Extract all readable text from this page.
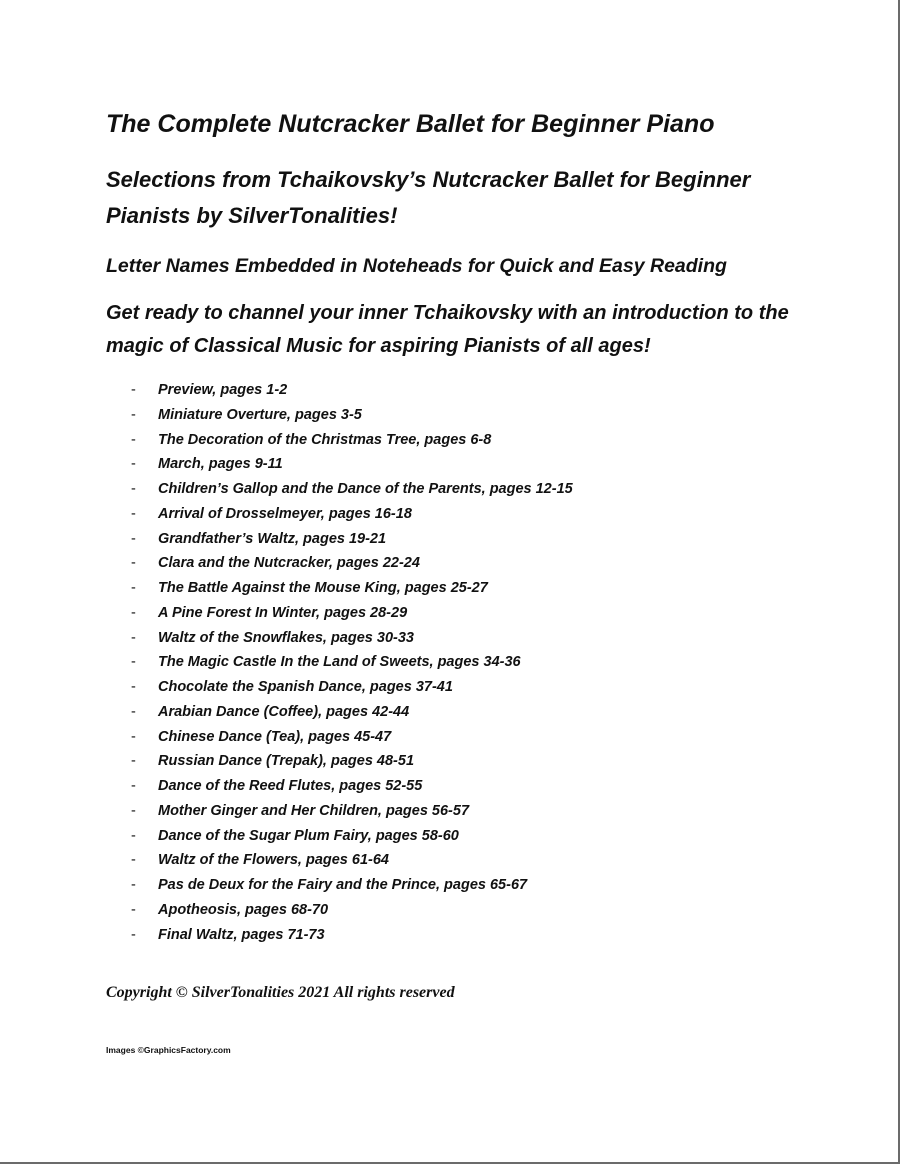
The Complete Nutcracker Ballet for Beginner Piano
Selections from Tchaikovsky’s Nutcracker Ballet for Beginner Pianists by SilverTonalities!

Letter Names Embedded in Noteheads for Quick and Easy Reading

Get ready to channel your inner Tchaikovsky with an introduction to the magic of Classical Music for aspiring Pianists of all ages!

- Preview, pages 1-2
- Miniature Overture, pages 3-5
- The Decoration of the Christmas Tree, pages 6-8
- March, pages 9-11
- Children’s Gallop and the Dance of the Parents, pages 12-15
- Arrival of Drosselmeyer, pages 16-18
- Grandfather’s Waltz, pages 19-21
- Clara and the Nutcracker, pages 22-24
- The Battle Against the Mouse King, pages 25-27
- A Pine Forest In Winter, pages 28-29
- Waltz of the Snowflakes, pages 30-33
- The Magic Castle In the Land of Sweets, pages 34-36
- Chocolate the Spanish Dance, pages 37-41
- Arabian Dance (Coffee), pages 42-44
- Chinese Dance (Tea), pages 45-47
- Russian Dance (Trepak), pages 48-51
- Dance of the Reed Flutes, pages 52-55
- Mother Ginger and Her Children, pages 56-57
- Dance of the Sugar Plum Fairy, pages 58-60
- Waltz of the Flowers, pages 61-64
- Pas de Deux for the Fairy and the Prince, pages 65-67
- Apotheosis, pages 68-70
- Final Waltz, pages 71-73

Copyright © SilverTonalities 2021 All rights reserved

Images ©GraphicsFactory.com
